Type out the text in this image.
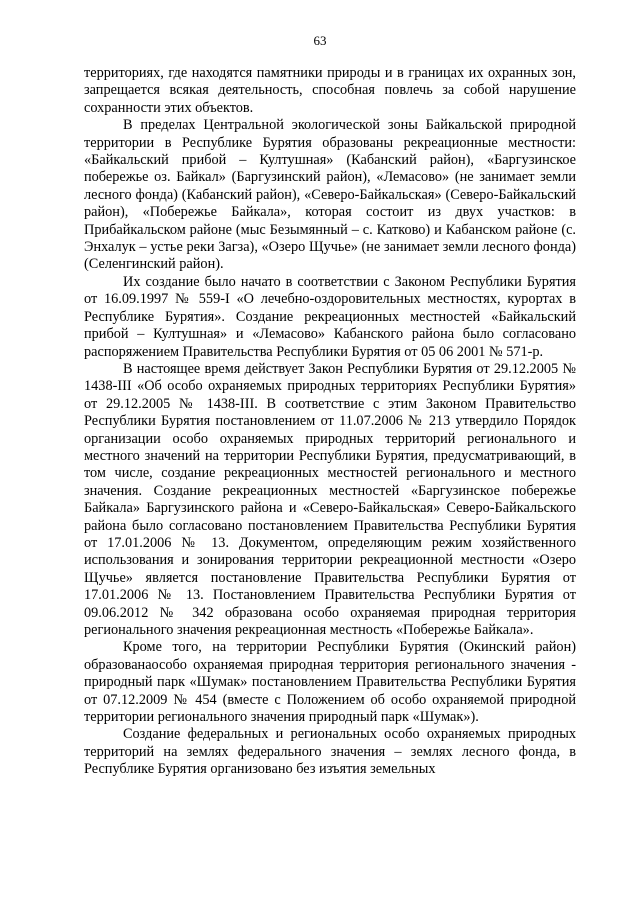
63

территориях, где находятся памятники природы и в границах их охранных зон, запрещается всякая деятельность, способная повлечь за собой нарушение сохранности этих объектов.

В пределах Центральной экологической зоны Байкальской природной территории в Республике Бурятия образованы рекреационные местности: «Байкальский прибой – Култушная» (Кабанский район), «Баргузинское побережье оз. Байкал» (Баргузинский район), «Лемасово» (не занимает земли лесного фонда) (Кабанский район), «Северо-Байкальская» (Северо-Байкальский район), «Побережье Байкала», которая состоит из двух участков: в Прибайкальском районе (мыс Безымянный – с. Катково) и Кабанском районе (с. Энхалук – устье реки Загза), «Озеро Щучье» (не занимает земли лесного фонда) (Селенгинский район).

Их создание было начато в соответствии с Законом Республики Бурятия от 16.09.1997 № 559-I «О лечебно-оздоровительных местностях, курортах в Республике Бурятия». Создание рекреационных местностей «Байкальский прибой – Култушная» и «Лемасово» Кабанского района было согласовано распоряжением Правительства Республики Бурятия от 05 06 2001 № 571-р.

В настоящее время действует Закон Республики Бурятия от 29.12.2005 № 1438-III «Об особо охраняемых природных территориях Республики Бурятия» от 29.12.2005 № 1438-III. В соответствие с этим Законом Правительство Республики Бурятия постановлением от 11.07.2006 № 213 утвердило Порядок организации особо охраняемых природных территорий регионального и местного значений на территории Республики Бурятия, предусматривающий, в том числе, создание рекреационных местностей регионального и местного значения. Создание рекреационных местностей «Баргузинское побережье Байкала» Баргузинского района и «Северо-Байкальская» Северо-Байкальского района было согласовано постановлением Правительства Республики Бурятия от 17.01.2006 № 13. Документом, определяющим режим хозяйственного использования и зонирования территории рекреационной местности «Озеро Щучье» является постановление Правительства Республики Бурятия от 17.01.2006 № 13. Постановлением Правительства Республики Бурятия от 09.06.2012 № 342 образована особо охраняемая природная территория регионального значения рекреационная местность «Побережье Байкала».

Кроме того, на территории Республики Бурятия (Окинский район) образованаособо охраняемая природная территория регионального значения - природный парк «Шумак» постановлением Правительства Республики Бурятия от 07.12.2009 № 454 (вместе с Положением об особо охраняемой природной территории регионального значения природный парк «Шумак»).

Создание федеральных и региональных особо охраняемых природных территорий на землях федерального значения – землях лесного фонда, в Республике Бурятия организовано без изъятия земельных
